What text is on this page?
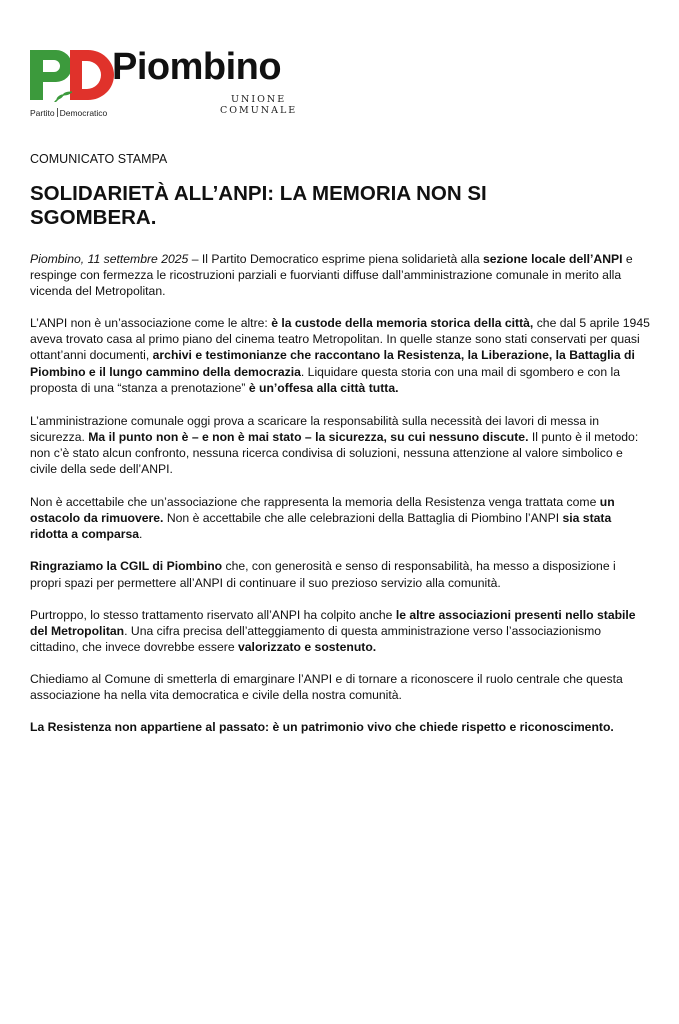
Partito Democratico
Piombino
UNIONE
COMUNALE
COMUNICATO STAMPA
SOLIDARIETÀ ALL’ANPI: LA MEMORIA NON SI SGOMBERA.

Piombino, 11 settembre 2025 – Il Partito Democratico esprime piena solidarietà alla sezione locale dell’ANPI e respinge con fermezza le ricostruzioni parziali e fuorvianti diffuse dall’amministrazione comunale in merito alla vicenda del Metropolitan.

L’ANPI non è un’associazione come le altre: è la custode della memoria storica della città, che dal 5 aprile 1945 aveva trovato casa al primo piano del cinema teatro Metropolitan. In quelle stanze sono stati conservati per quasi ottant’anni documenti, archivi e testimonianze che raccontano la Resistenza, la Liberazione, la Battaglia di Piombino e il lungo cammino della democrazia. Liquidare questa storia con una mail di sgombero e con la proposta di una “stanza a prenotazione” è un’offesa alla città tutta.

L’amministrazione comunale oggi prova a scaricare la responsabilità sulla necessità dei lavori di messa in sicurezza. Ma il punto non è – e non è mai stato – la sicurezza, su cui nessuno discute. Il punto è il metodo: non c’è stato alcun confronto, nessuna ricerca condivisa di soluzioni, nessuna attenzione al valore simbolico e civile della sede dell’ANPI.

Non è accettabile che un’associazione che rappresenta la memoria della Resistenza venga trattata come un ostacolo da rimuovere. Non è accettabile che alle celebrazioni della Battaglia di Piombino l’ANPI sia stata ridotta a comparsa.

Ringraziamo la CGIL di Piombino che, con generosità e senso di responsabilità, ha messo a disposizione i propri spazi per permettere all’ANPI di continuare il suo prezioso servizio alla comunità.

Purtroppo, lo stesso trattamento riservato all’ANPI ha colpito anche le altre associazioni presenti nello stabile del Metropolitan. Una cifra precisa dell’atteggiamento di questa amministrazione verso l’associazionismo cittadino, che invece dovrebbe essere valorizzato e sostenuto.

Chiediamo al Comune di smetterla di emarginare l’ANPI e di tornare a riconoscere il ruolo centrale che questa associazione ha nella vita democratica e civile della nostra comunità.

La Resistenza non appartiene al passato: è un patrimonio vivo che chiede rispetto e riconoscimento.
